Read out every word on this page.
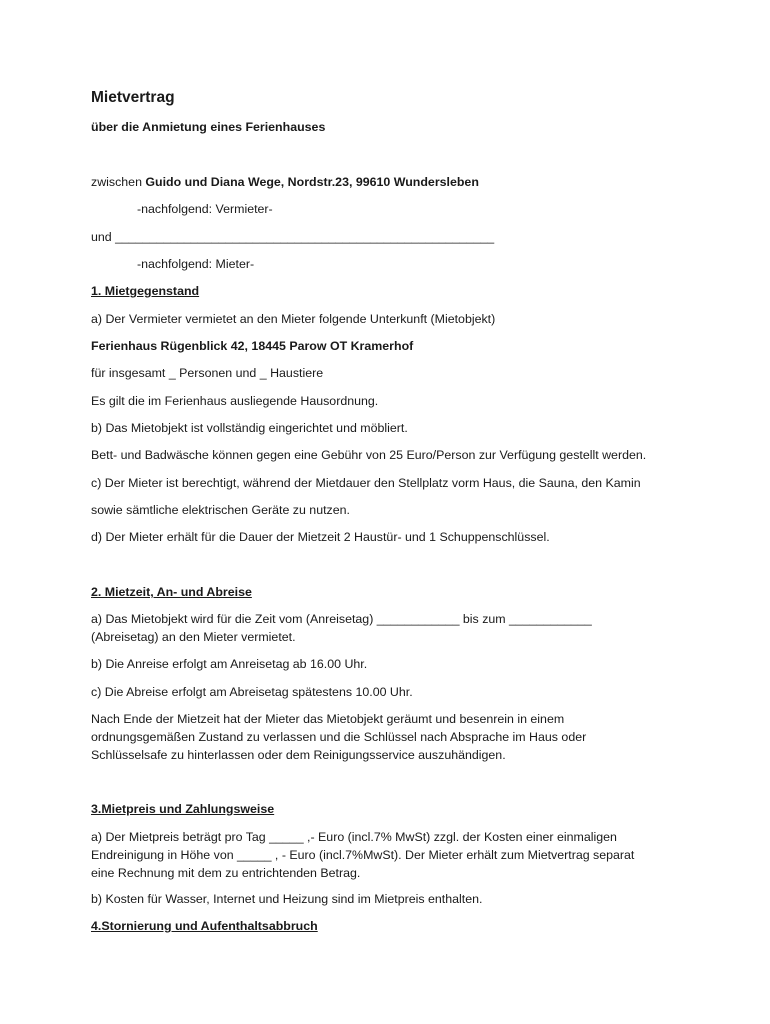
Mietvertrag
über die Anmietung eines Ferienhauses
zwischen Guido und Diana Wege, Nordstr.23, 99610 Wundersleben
-nachfolgend: Vermieter-
und _______________________________________________________
-nachfolgend: Mieter-
1. Mietgegenstand
a) Der Vermieter vermietet an den Mieter folgende Unterkunft (Mietobjekt)
Ferienhaus Rügenblick 42, 18445 Parow OT Kramerhof
für insgesamt _ Personen und _ Haustiere
Es gilt die im Ferienhaus ausliegende Hausordnung.
b) Das Mietobjekt ist vollständig eingerichtet und möbliert.
Bett- und Badwäsche können gegen eine Gebühr von 25 Euro/Person zur Verfügung gestellt werden.
c) Der Mieter ist berechtigt, während der Mietdauer den Stellplatz vorm Haus, die Sauna, den Kamin
sowie sämtliche elektrischen Geräte zu nutzen.
d) Der Mieter erhält für die Dauer der Mietzeit 2 Haustür- und 1 Schuppenschlüssel.
2. Mietzeit, An- und Abreise
a) Das Mietobjekt wird für die Zeit vom (Anreisetag) ____________ bis zum ____________
(Abreisetag) an den Mieter vermietet.
b) Die Anreise erfolgt am Anreisetag ab 16.00 Uhr.
c) Die Abreise erfolgt am Abreisetag spätestens 10.00 Uhr.
Nach Ende der Mietzeit hat der Mieter das Mietobjekt geräumt und besenrein in einem
ordnungsgemäßen Zustand zu verlassen und die Schlüssel nach Absprache im Haus oder
Schlüsselsafe zu hinterlassen oder dem Reinigungsservice auszuhändigen.
3.Mietpreis und Zahlungsweise
a) Der Mietpreis beträgt pro Tag _____ ,- Euro (incl.7% MwSt) zzgl. der Kosten einer einmaligen
Endreinigung in Höhe von _____ , - Euro (incl.7%MwSt). Der Mieter erhält zum Mietvertrag separat
eine Rechnung mit dem zu entrichtenden Betrag.
b) Kosten für Wasser, Internet und Heizung sind im Mietpreis enthalten.
4.Stornierung und Aufenthaltsabbruch
